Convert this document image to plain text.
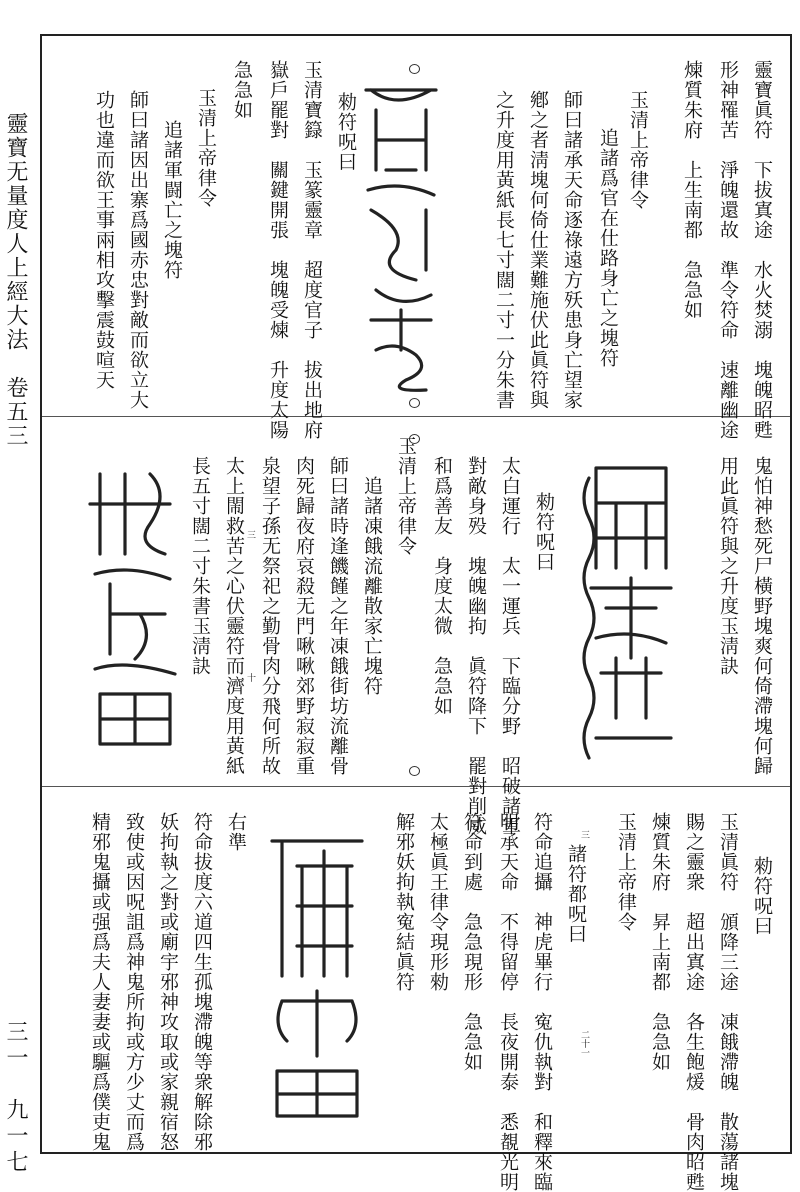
靈寶无量度人上經大法　卷五三
三一　九一七
靈寶眞符　下拔寘途　水火焚溺　塊魄昭甦
形神罹苦　淨魄還故　準令符命　速離幽途
煉質朱府　上生南都　急急如
玉清上帝律令
追諸爲官在仕路身亡之塊符
師曰諸承天命逐祿遠方殀患身亡望家
鄕之者淸塊何倚仕業難施伏此眞符與
之升度用黃紙長七寸闊二寸一分朱書
勑符呪曰
玉清寶籙　玉篆靈章　超度官子　拔出地府
嶽戶罷對　關鍵開張　塊魄受煉　升度太陽
急急如
玉清上帝律令
追諸軍闘亡之塊符
師曰諸因出寨爲國赤忠對敵而欲立大
功也違而欲王事兩相攻擊震鼓喧天
鬼怕神愁死尸橫野塊爽何倚滯塊何歸
用此眞符與之升度玉淸訣
勑符呪曰
太白運行　太一運兵　下臨分野　昭破諸軍
對敵身殁　塊魄幽拘　眞符降下　罷對削威
和爲善友　身度太微　急急如
玉清上帝律令
追諸凍餓流離散家亡塊符
師曰諸時逢饑饉之年凍餓街坊流離骨
肉死歸夜府哀殺无門啾啾郊野寂寂重
泉望子孫无祭祀之勤骨肉分飛何所故
太上閙救苦之心伏靈符而濟度用黃紙
長五寸闊二寸朱書玉淸訣	三
十
勑符呪曰
玉清眞符　頒降三途　凍餓滯魄　散蕩諸塊
賜之靈衆　超出寘途　各生飽煖　骨肉昭甦
煉質朱府　昇上南都　急急如
玉清上帝律令
諸符都呪曰
符命追攝　神虎畢行　寃仇執對　和釋來臨
明承天命　不得留停　長夜開泰　悉覩光明
符命到處　急急現形　急急如
太極眞王律令現形勑
解邪妖拘執寃結眞符
二十一
三
右準
符命拔度六道四生孤塊滯魄等衆解除邪
妖拘執之對或廟宇邪神攻取或家親宿怒
致使或因呪詛爲神鬼所拘或方少丈而爲
精邪鬼攝或强爲夫人妻妻或驅爲僕吏鬼
